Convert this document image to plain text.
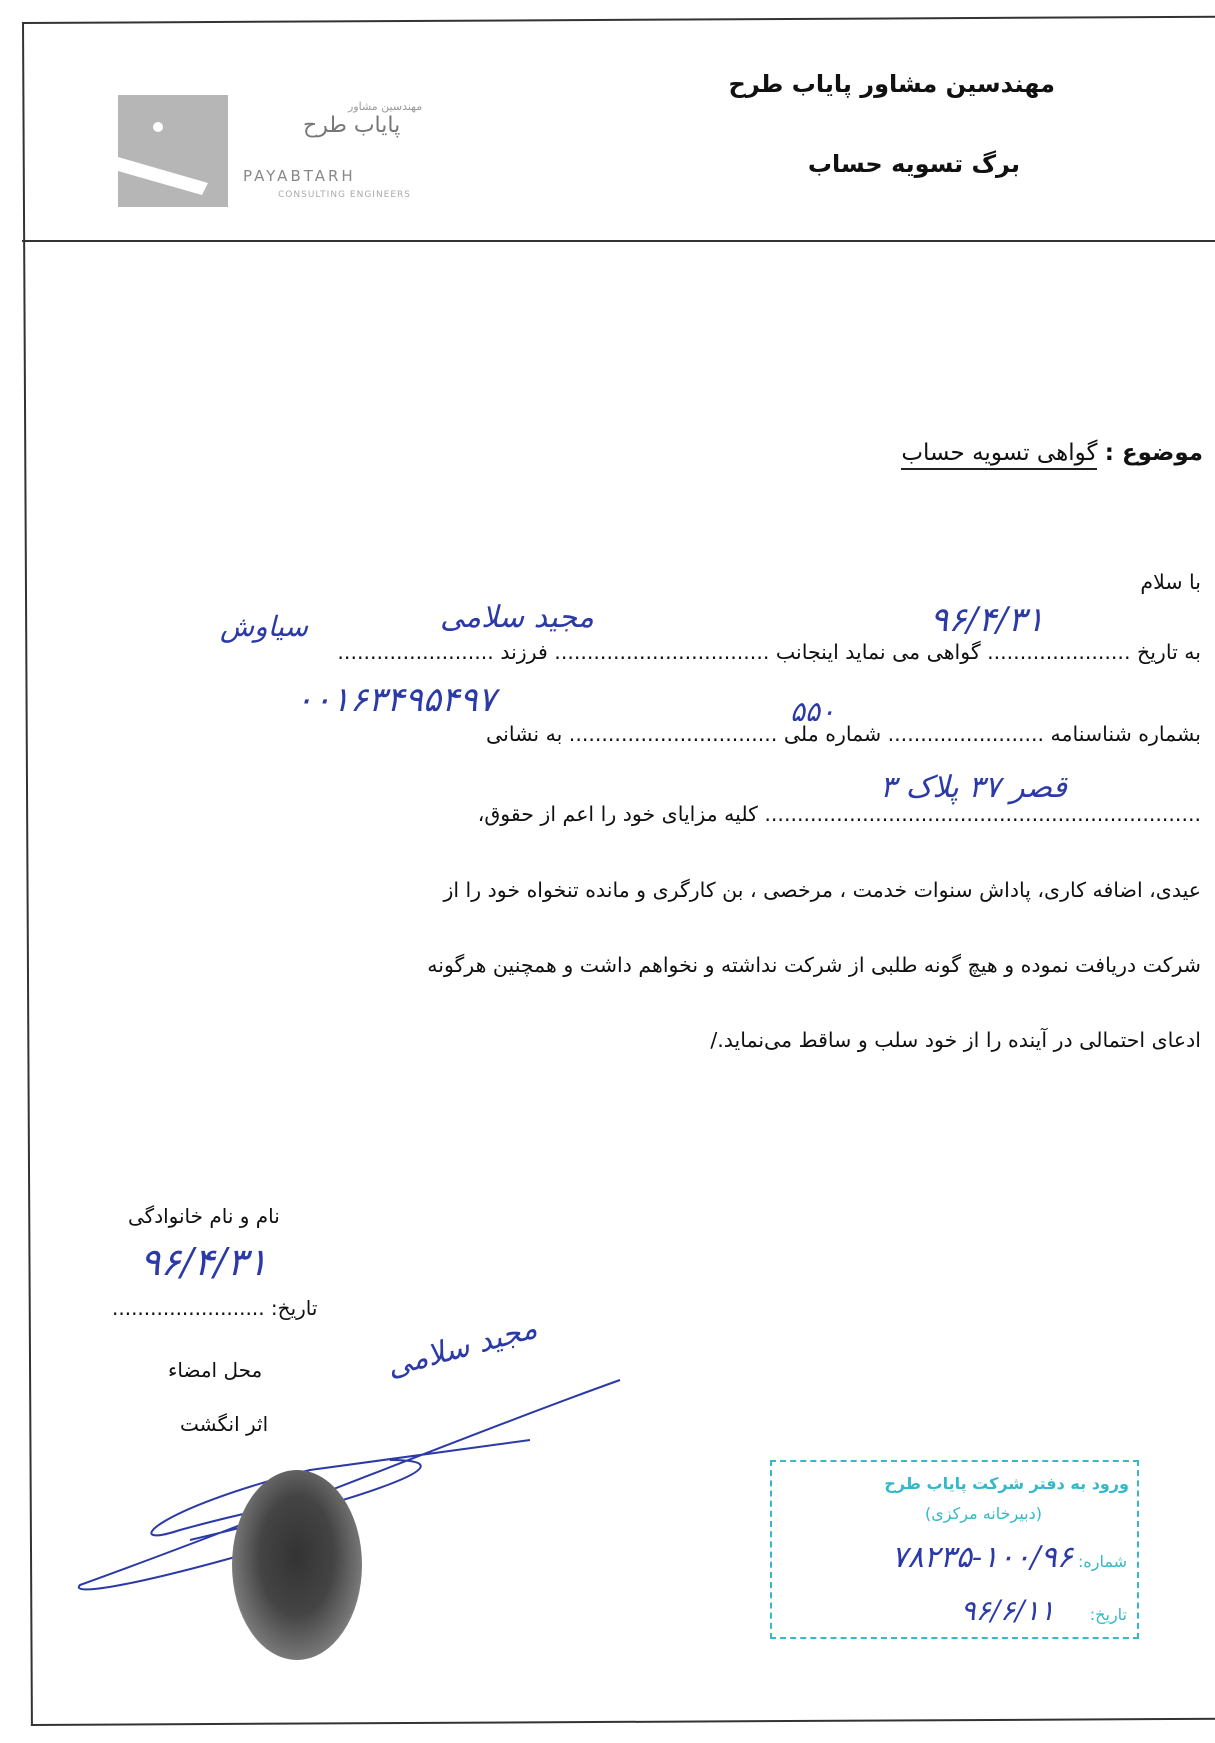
مهندسین مشاور پایاب طرح
برگ تسویه حساب
مهندسین مشاور
پایاب طرح
PAYABTARH
CONSULTING ENGINEERS
موضوع : گواهی تسویه حساب
با سلام
به تاریخ ...................... گواهی می نماید اینجانب ................................. فرزند ........................
بشماره شناسنامه ........................ شماره ملی ................................ به نشانی
................................................................... کلیه مزایای خود را اعم از حقوق،
عیدی، اضافه کاری، پاداش سنوات خدمت ، مرخصی ، بن کارگری و مانده تنخواه خود را از
شرکت دریافت نموده و هیچ گونه طلبی از شرکت نداشته و نخواهم داشت و همچنین هرگونه
ادعای احتمالی در آینده را از خود سلب و ساقط می‌نماید./
۹۶/۴/۳۱
مجید سلامی
سیاوش
۵۵۰
۰۰۱۶۳۴۹۵۴۹۷
قصر ۳۷ پلاک ۳
نام و نام خانوادگی
۹۶/۴/۳۱
تاریخ: ........................
محل امضاء	مجید سلامی
اثر انگشت
ورود به دفتر شرکت پایاب طرح
(دبیرخانه مرکزی)
شماره: ۱۰۰/۹۶-۷۸۲۳۵
تاریخ: ۹۶/۶/۱۱
